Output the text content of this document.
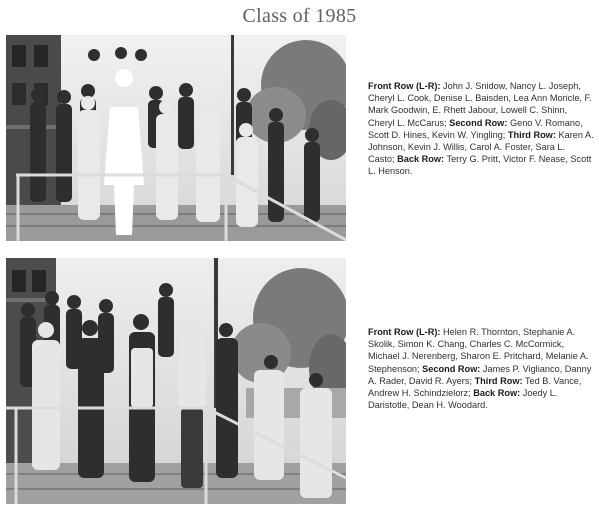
Class of 1985
Front Row (L-R): John J. Snidow, Nancy L. Joseph, Cheryl L. Cook, Denise L. Baisden, Lea Ann Moricle, F. Mark Goodwin, E. Rhett Jabour, Lowell C. Shinn, Cheryl L. McCarus; Second Row: Geno V. Romano, Scott D. Hines, Kevin W. Yingling; Third Row: Karen A. Johnson, Kevin J. Willis, Carol A. Foster, Sara L. Casto; Back Row: Terry G. Pritt, Victor F. Nease, Scott L. Henson.
Front Row (L-R): Helen R. Thornton, Stephanie A. Skolik, Simon K. Chang, Charles C. McCormick, Michael J. Nerenberg, Sharon E. Pritchard, Melanie A. Stephenson; Second Row: James P. Viglianco, Danny A. Rader, David R. Ayers; Third Row: Ted B. Vance, Andrew H. Schindzielorz; Back Row: Joedy L. Daristotle, Dean H. Woodard.
